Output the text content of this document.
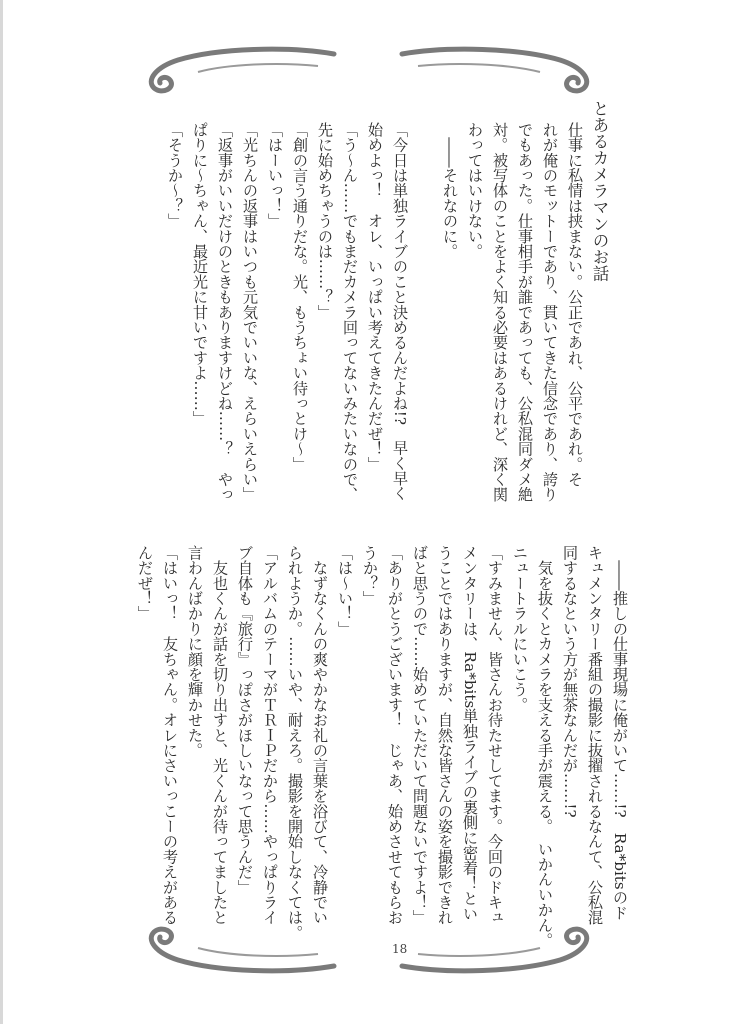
とあるカメラマンのお話
仕事に私情は挟まない。公正であれ、公平であれ。そ
れが俺のモットーであり、貫いてきた信念であり、誇り
でもあった。仕事相手が誰であっても、公私混同ダメ絶
対。被写体のことをよく知る必要はあるけれど、深く関
わってはいけない。
　――それなのに。
「今日は単独ライブのこと決めるんだよね!?　早く早く
始めよっ！　オレ、いっぱい考えてきたんだぜ！」
「う～ん……でもまだカメラ回ってないみたいなので、
先に始めちゃうのは……？」
「創の言う通りだな。光、もうちょい待っとけ～」
「はーいっ！」
「光ちんの返事はいつも元気でいいな、えらいえらい」
「返事がいいだけのときもありますけどね……？　やっ
ぱりに～ちゃん、最近光に甘いですよ……」
「そうか～？」
　――推しの仕事現場に俺がいて……!?　Ra*bitsのド
キュメンタリー番組の撮影に抜擢されるなんて、公私混
同するなという方が無茶なんだが……!?
　気を抜くとカメラを支える手が震える。　いかんいかん。
ニュートラルにいこう。
「すみません、皆さんお待たせしてます。今回のドキュ
メンタリーは、Ra*bits単独ライブの裏側に密着！とい
うことではありますが、自然な皆さんの姿を撮影できれ
ばと思うので……始めていただいて問題ないですよ！」
「ありがとうございます！　じゃあ、始めさせてもらお
うか？」
「は～い！」
　なずなくんの爽やかなお礼の言葉を浴びて、冷静でい
られようか。……いや、耐えろ。撮影を開始しなくては。
「アルバムのテーマがＴＲＩＰだから……やっぱりライ
ブ自体も『旅行』っぽさがほしいなって思うんだ」
　友也くんが話を切り出すと、光くんが待ってましたと
言わんばかりに顔を輝かせた。
「はいっ！　友ちゃん。オレにさいっこーの考えがある
んだぜ！」
18
